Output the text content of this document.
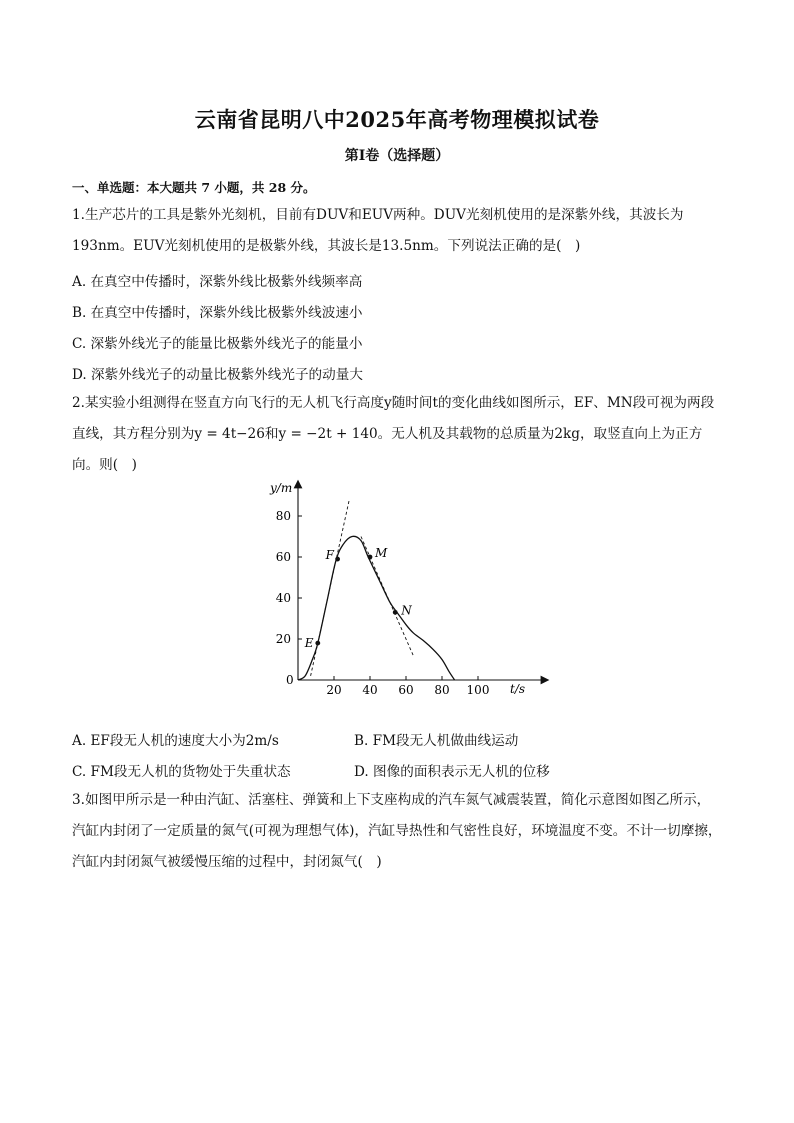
云南省昆明八中2025年高考物理模拟试卷
第Ⅰ卷（选择题）
一、单选题：本大题共 7 小题，共 28 分。
1.生产芯片的工具是紫外光刻机，目前有DUV和EUV两种。DUV光刻机使用的是深紫外线，其波长为193nm。EUV光刻机使用的是极紫外线，其波长是13.5nm。下列说法正确的是(　)
A. 在真空中传播时，深紫外线比极紫外线频率高
B. 在真空中传播时，深紫外线比极紫外线波速小
C. 深紫外线光子的能量比极紫外线光子的能量小
D. 深紫外线光子的动量比极紫外线光子的动量大
2.某实验小组测得在竖直方向飞行的无人机飞行高度y随时间t的变化曲线如图所示，EF、MN段可视为两段直线，其方程分别为y = 4t−26和y = −2t + 140。无人机及其载物的总质量为2kg，取竖直向上为正方向。则(　)
y/m
t/s
0
20 40 60 80 100
20
40
60
80
E
F	M
N
A. EF段无人机的速度大小为2m/s	B. FM段无人机做曲线运动
C. FM段无人机的货物处于失重状态	D. 图像的面积表示无人机的位移
3.如图甲所示是一种由汽缸、活塞柱、弹簧和上下支座构成的汽车氮气减震装置，简化示意图如图乙所示，汽缸内封闭了一定质量的氮气(可视为理想气体)，汽缸导热性和气密性良好，环境温度不变。不计一切摩擦，汽缸内封闭氮气被缓慢压缩的过程中，封闭氮气(　)
